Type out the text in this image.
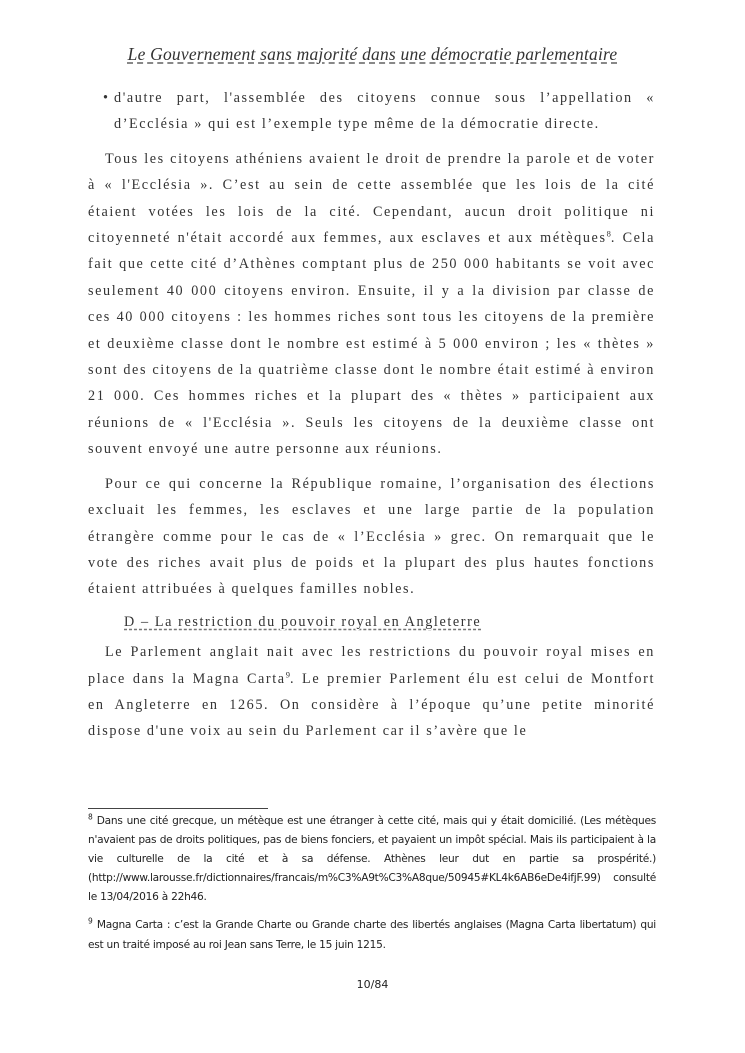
Le Gouvernement sans majorité dans une démocratie parlementaire
• d'autre part, l'assemblée des citoyens connue sous l’appellation « d’Ecclésia » qui est l’exemple type même de la démocratie directe.

Tous les citoyens athéniens avaient le droit de prendre la parole et de voter à « l'Ecclésia ». C’est au sein de cette assemblée que les lois de la cité étaient votées les lois de la cité. Cependant, aucun droit politique ni citoyenneté n'était accordé aux femmes, aux esclaves et aux métèques$^8$. Cela fait que cette cité d’Athènes comptant plus de 250 000 habitants se voit avec seulement 40 000 citoyens environ. Ensuite, il y a la division par classe de ces 40 000 citoyens : les hommes riches sont tous les citoyens de la première et deuxième classe dont le nombre est estimé à 5 000 environ ; les « thètes » sont des citoyens de la quatrième classe dont le nombre était estimé à environ 21 000. Ces hommes riches et la plupart des « thètes » participaient aux réunions de « l'Ecclésia ». Seuls les citoyens de la deuxième classe ont souvent envoyé une autre personne aux réunions.

Pour ce qui concerne la République romaine, l’organisation des élections excluait les femmes, les esclaves et une large partie de la population étrangère comme pour le cas de « l’Ecclésia » grec. On remarquait que le vote des riches avait plus de poids et la plupart des plus hautes fonctions étaient attribuées à quelques familles nobles.

D – La restriction du pouvoir royal en Angleterre

Le Parlement anglait nait avec les restrictions du pouvoir royal mises en place dans la Magna Carta$^9$. Le premier Parlement élu est celui de Montfort en Angleterre en 1265. On considère à l’époque qu’une petite minorité dispose d'une voix au sein du Parlement car il s’avère que le

$^8$ Dans une cité grecque, un métèque est une étranger à cette cité, mais qui y était domicilié. (Les métèques n'avaient pas de droits politiques, pas de biens fonciers, et payaient un impôt spécial. Mais ils participaient à la vie culturelle de la cité et à sa défense. Athènes leur dut en partie sa prospérité.) (http://www.larousse.fr/dictionnaires/francais/m%C3%A9t%C3%A8que/50945#KL4k6AB6eDe4ifjF.99) consulté le 13/04/2016 à 22h46.

$^9$ Magna Carta : c’est la Grande Charte ou Grande charte des libertés anglaises (Magna Carta libertatum) qui est un traité imposé au roi Jean sans Terre, le 15 juin 1215.

10/84
